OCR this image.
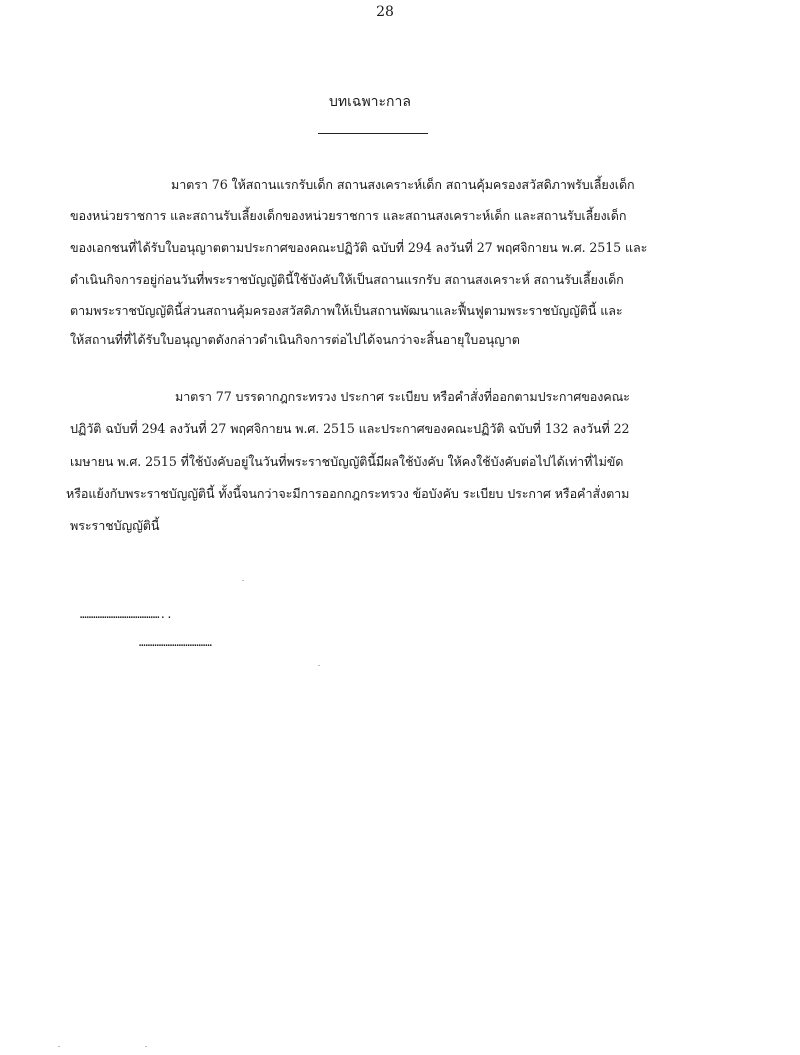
28
บทเฉพาะกาล
มาตรา 76 ให้สถานแรกรับเด็ก สถานสงเคราะห์เด็ก สถานคุ้มครองสวัสดิภาพรับเลี้ยงเด็ก
ของหน่วยราชการ และสถานรับเลี้ยงเด็กของหน่วยราชการ และสถานสงเคราะห์เด็ก และสถานรับเลี้ยงเด็ก
ของเอกชนที่ได้รับใบอนุญาตตามประกาศของคณะปฏิวัติ ฉบับที่ 294 ลงวันที่ 27 พฤศจิกายน พ.ศ. 2515 และ
ดำเนินกิจการอยู่ก่อนวันที่พระราชบัญญัตินี้ใช้บังคับให้เป็นสถานแรกรับ สถานสงเคราะห์ สถานรับเลี้ยงเด็ก
ตามพระราชบัญญัตินี้ส่วนสถานคุ้มครองสวัสดิภาพให้เป็นสถานพัฒนาและฟื้นฟูตามพระราชบัญญัตินี้ และ
ให้สถานที่ที่ได้รับใบอนุญาตดังกล่าวดำเนินกิจการต่อไปได้จนกว่าจะสิ้นอายุใบอนุญาต
มาตรา 77 บรรดากฎกระทรวง ประกาศ ระเบียบ หรือคำสั่งที่ออกตามประกาศของคณะ
ปฏิวัติ ฉบับที่ 294 ลงวันที่ 27 พฤศจิกายน พ.ศ. 2515 และประกาศของคณะปฏิวัติ ฉบับที่ 132 ลงวันที่ 22
เมษายน พ.ศ. 2515 ที่ใช้บังคับอยู่ในวันที่พระราชบัญญัตินี้มีผลใช้บังคับ ให้คงใช้บังคับต่อไปได้เท่าที่ไม่ขัด
หรือแย้งกับพระราชบัญญัตินี้ ทั้งนี้จนกว่าจะมีการออกกฎกระทรวง ข้อบังคับ ระเบียบ ประกาศ หรือคำสั่งตาม
พระราชบัญญัตินี้
………………………………..
……………………………
